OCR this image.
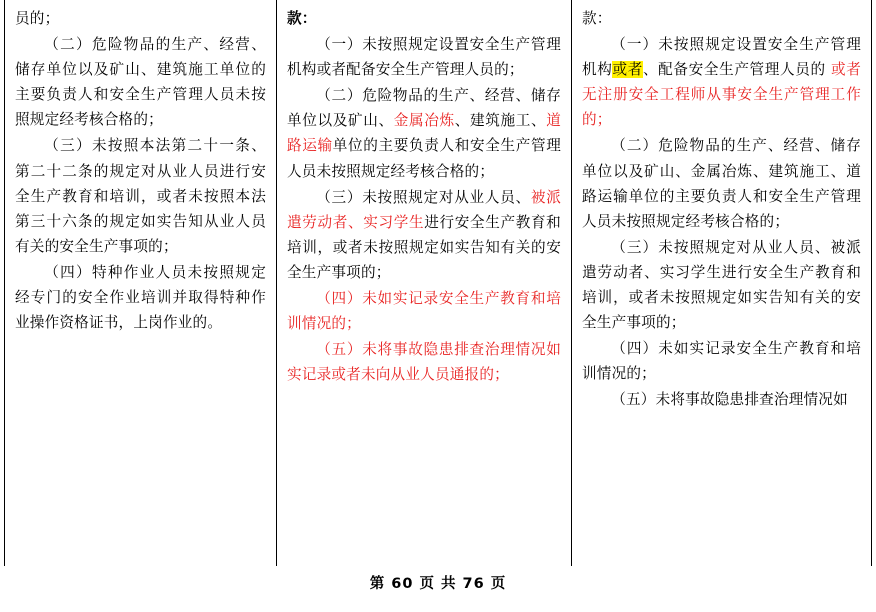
员的；
（二）危险物品的生产、经营、储存单位以及矿山、建筑施工单位的主要负责人和安全生产管理人员未按照规定经考核合格的；
（三）未按照本法第二十一条、第二十二条的规定对从业人员进行安全生产教育和培训，或者未按照本法第三十六条的规定如实告知从业人员有关的安全生产事项的；
（四）特种作业人员未按照规定经专门的安全作业培训并取得特种作业操作资格证书，上岗作业的。
款：
（一）未按照规定设置安全生产管理机构或者配备安全生产管理人员的；
（二）危险物品的生产、经营、储存单位以及矿山、金属冶炼、建筑施工、道路运输单位的主要负责人和安全生产管理人员未按照规定经考核合格的；
（三）未按照规定对从业人员、被派遣劳动者、实习学生进行安全生产教育和培训，或者未按照规定如实告知有关的安全生产事项的；
（四）未如实记录安全生产教育和培训情况的；
（五）未将事故隐患排查治理情况如实记录或者未向从业人员通报的；
款：
（一）未按照规定设置安全生产管理机构或者、配备安全生产管理人员的 或者无注册安全工程师从事安全生产管理工作的；
（二）危险物品的生产、经营、储存单位以及矿山、金属冶炼、建筑施工、道路运输单位的主要负责人和安全生产管理人员未按照规定经考核合格的；
（三）未按照规定对从业人员、被派遣劳动者、实习学生进行安全生产教育和培训，或者未按照规定如实告知有关的安全生产事项的；
（四）未如实记录安全生产教育和培训情况的；
（五）未将事故隐患排查治理情况如
第 60 页 共 76 页
